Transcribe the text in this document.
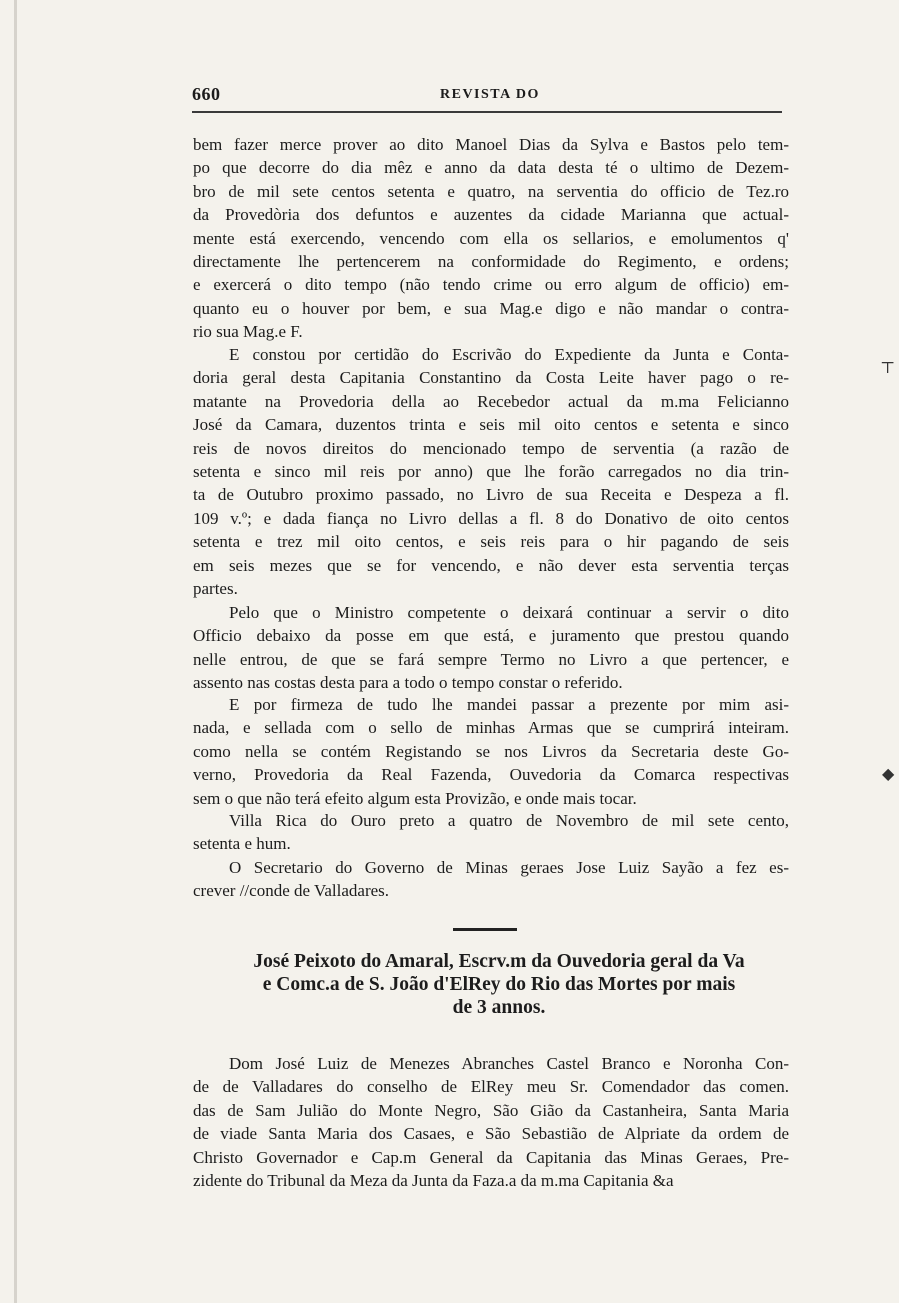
660	REVISTA DO
bem fazer merce prover ao dito Manoel Dias da Sylva e Bastos pelo tem-
po que decorre do dia mêz e anno da data desta té o ultimo de Dezem-
bro de mil sete centos setenta e quatro, na serventia do officio de Tez.ro
da Provedòria dos defuntos e auzentes da cidade Marianna que actual-
mente está exercendo, vencendo com ella os sellarios, e emolumentos q'
directamente lhe pertencerem na conformidade do Regimento, e ordens;
e exercerá o dito tempo (não tendo crime ou erro algum de officio) em-
quanto eu o houver por bem, e sua Mag.e digo e não mandar o contra-
rio sua Mag.e F.
E constou por certidão do Escrivão do Expediente da Junta e Conta-
doria geral desta Capitania Constantino da Costa Leite haver pago o re-
matante na Provedoria della ao Recebedor actual da m.ma Felicianno
José da Camara, duzentos trinta e seis mil oito centos e setenta e sinco
reis de novos direitos do mencionado tempo de serventia (a razão de
setenta e sinco mil reis por anno) que lhe forão carregados no dia trin-
ta de Outubro proximo passado, no Livro de sua Receita e Despeza a fl.
109 v.º; e dada fiança no Livro dellas a fl. 8 do Donativo de oito centos
setenta e trez mil oito centos, e seis reis para o hir pagando de seis
em seis mezes que se for vencendo, e não dever esta serventia terças
partes.
Pelo que o Ministro competente o deixará continuar a servir o dito
Officio debaixo da posse em que está, e juramento que prestou quando
nelle entrou, de que se fará sempre Termo no Livro a que pertencer, e
assento nas costas desta para a todo o tempo constar o referido.
E por firmeza de tudo lhe mandei passar a prezente por mim asi-
nada, e sellada com o sello de minhas Armas que se cumprirá inteiram.
como nella se contém Registando se nos Livros da Secretaria deste Go-
verno, Provedoria da Real Fazenda, Ouvedoria da Comarca respectivas
sem o que não terá efeito algum esta Provizão, e onde mais tocar.
Villa Rica do Ouro preto a quatro de Novembro de mil sete cento,
setenta e hum.
O Secretario do Governo de Minas geraes Jose Luiz Sayão a fez es-
crever //conde de Valladares.
José Peixoto do Amaral, Escrv.m da Ouvedoria geral da Va
e Comc.a de S. João d'ElRey do Rio das Mortes por mais
de 3 annos.
Dom José Luiz de Menezes Abranches Castel Branco e Noronha Con-
de de Valladares do conselho de ElRey meu Sr. Comendador das comen.
das de Sam Julião do Monte Negro, São Gião da Castanheira, Santa Maria
de viade Santa Maria dos Casaes, e São Sebastião de Alpriate da ordem de
Christo Governador e Cap.m General da Capitania das Minas Geraes, Pre-
zidente do Tribunal da Meza da Junta da Faza.a da m.ma Capitania &a
⊤
◆
